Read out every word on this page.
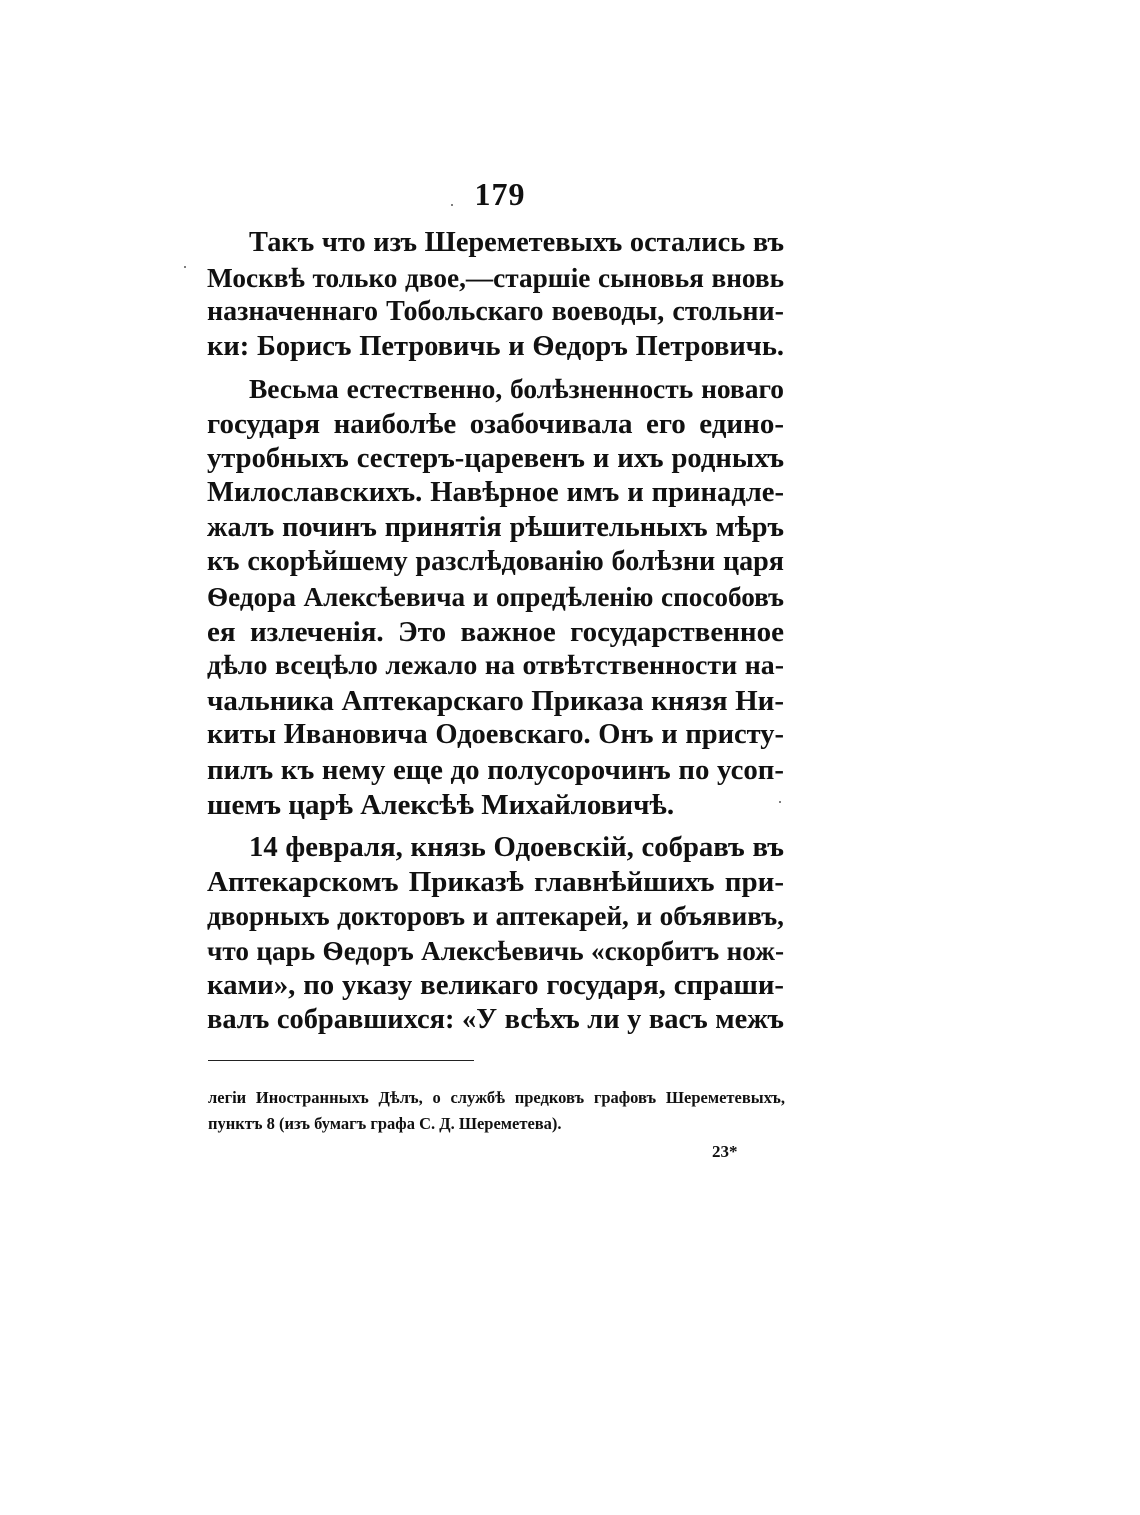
179
Такъ что изъ Шереметевыхъ остались въ
Москвѣ только двое,—старшіе сыновья вновь
назначеннаго Тобольскаго воеводы, стольни-
ки: Борисъ Петровичь и Ѳедоръ Петровичь.
Весьма естественно, болѣзненность новаго
государя наиболѣе озабочивала его едино-
утробныхъ сестеръ-царевенъ и ихъ родныхъ
Милославскихъ. Навѣрное имъ и принадле-
жалъ починъ принятія рѣшительныхъ мѣръ
къ скорѣйшему разслѣдованію болѣзни царя
Ѳедора Алексѣевича и опредѣленію способовъ
ея излеченія. Это важное государственное
дѣло всецѣло лежало на отвѣтственности на-
чальника Аптекарскаго Приказа князя Ни-
киты Ивановича Одоевскаго. Онъ и присту-
пилъ къ нему еще до полусорочинъ по усоп-
шемъ царѣ Алексѣѣ Михайловичѣ.
14 февраля, князь Одоевскій, собравъ въ
Аптекарскомъ Приказѣ главнѣйшихъ при-
дворныхъ докторовъ и аптекарей, и объявивъ,
что царь Ѳедоръ Алексѣевичь «скорбитъ нож-
ками», по указу великаго государя, спраши-
валъ собравшихся: «У всѣхъ ли у васъ межъ
легіи Иностранныхъ Дѣлъ, о службѣ предковъ графовъ Шереметевыхъ,
пунктъ 8 (изъ бумагъ графа С. Д. Шереметева).
23*
